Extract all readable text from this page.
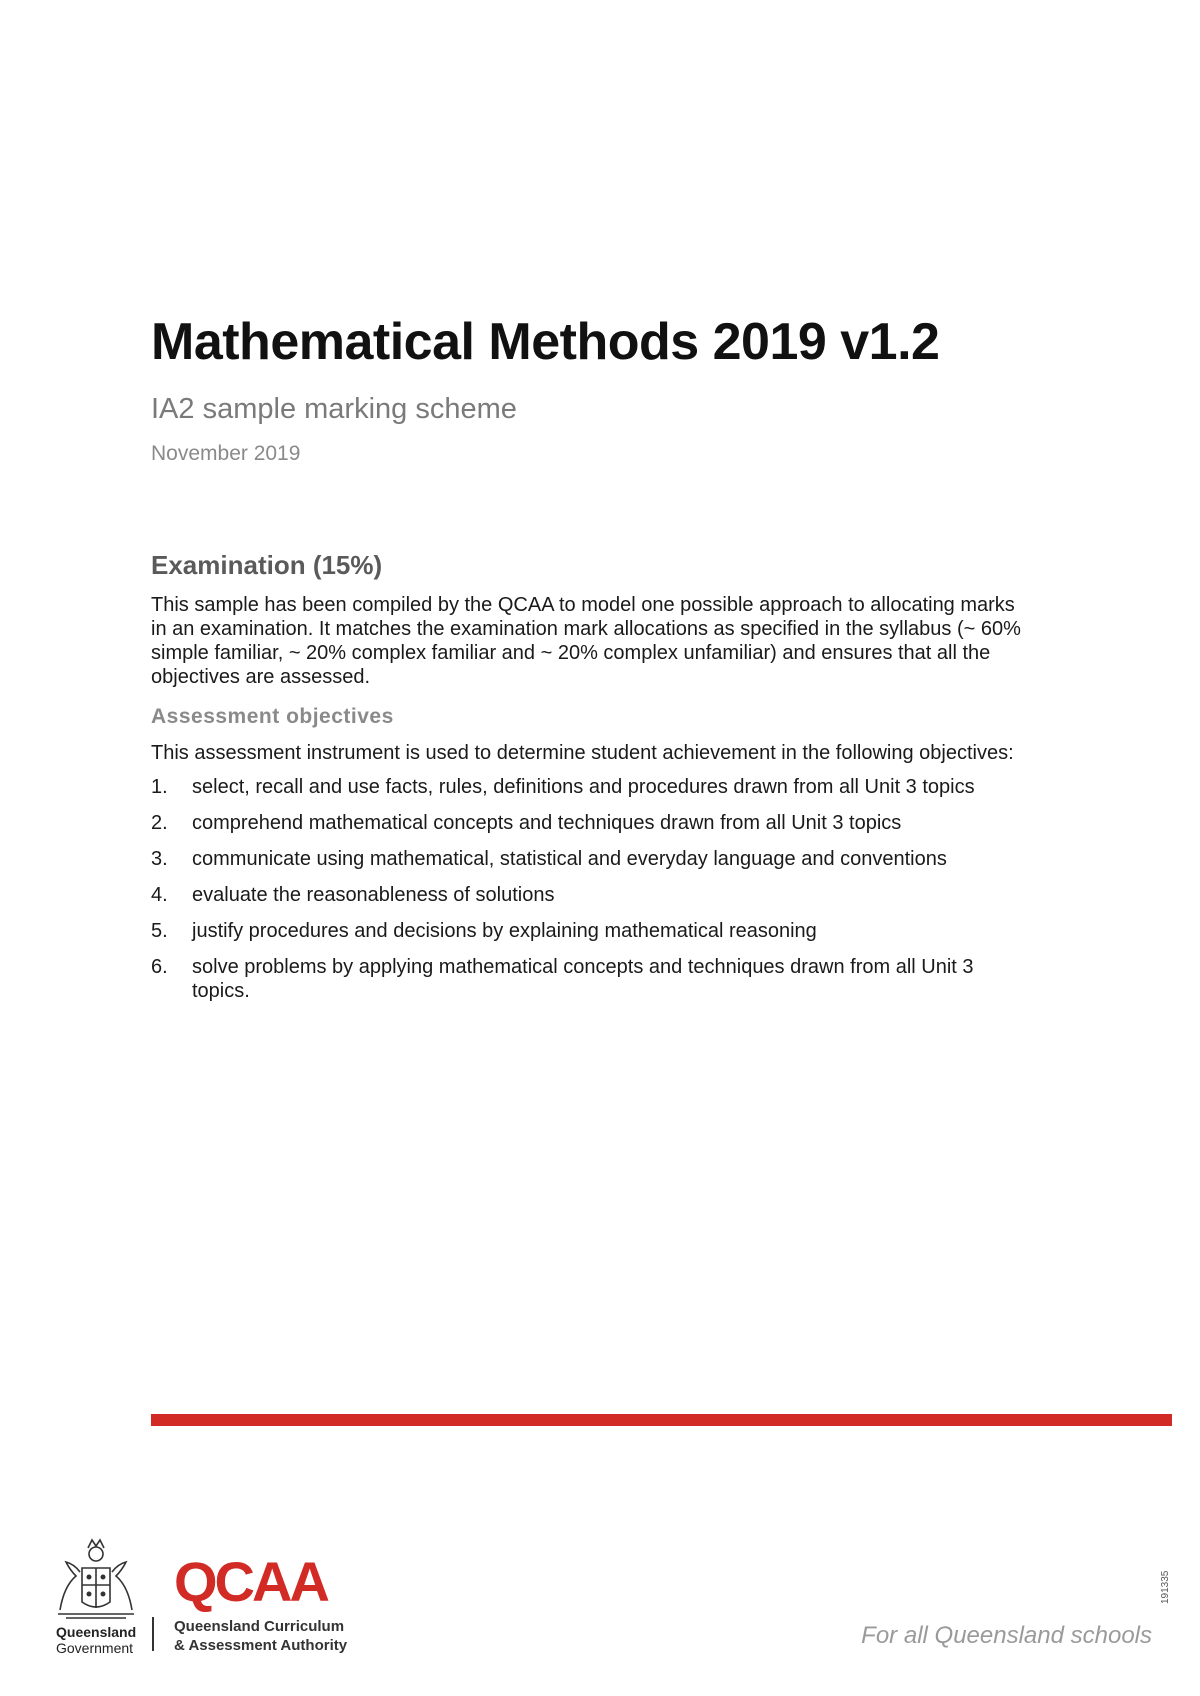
Mathematical Methods 2019 v1.2

IA2 sample marking scheme

November 2019

Examination (15%)

This sample has been compiled by the QCAA to model one possible approach to allocating marks in an examination. It matches the examination mark allocations as specified in the syllabus (~ 60% simple familiar, ~ 20% complex familiar and ~ 20% complex unfamiliar) and ensures that all the objectives are assessed.

Assessment objectives

This assessment instrument is used to determine student achievement in the following objectives:

1.	select, recall and use facts, rules, definitions and procedures drawn from all Unit 3 topics
2.	comprehend mathematical concepts and techniques drawn from all Unit 3 topics
3.	communicate using mathematical, statistical and everyday language and conventions
4.	evaluate the reasonableness of solutions
5.	justify procedures and decisions by explaining mathematical reasoning
6.	solve problems by applying mathematical concepts and techniques drawn from all Unit 3 topics.
Queensland
Government
QCAA
Queensland Curriculum
& Assessment Authority	For all Queensland schools
191335
